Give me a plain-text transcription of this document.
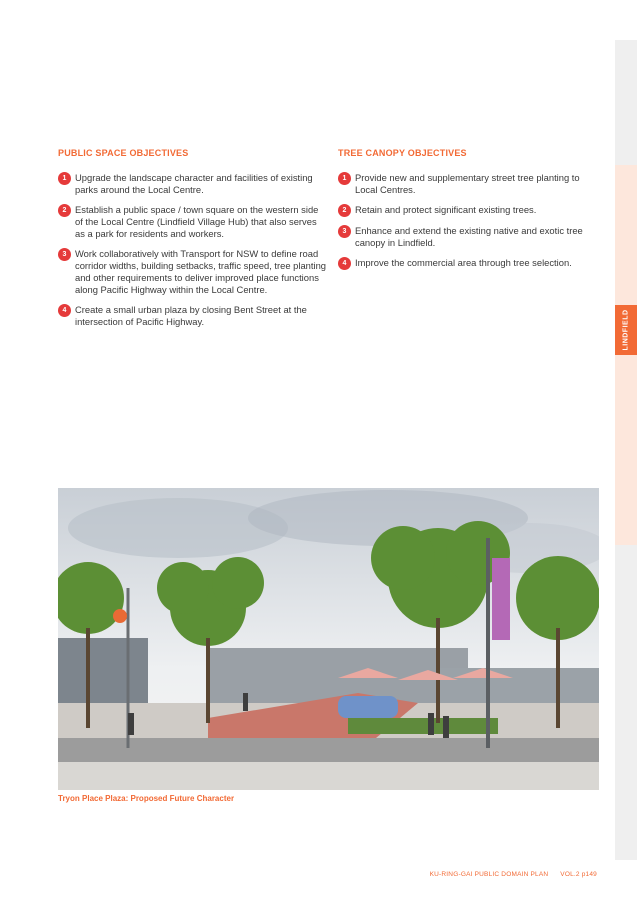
LINDFIELD
PUBLIC SPACE OBJECTIVES
1 Upgrade the landscape character and facilities of existing parks around the Local Centre.
2 Establish a public space / town square on the western side of the Local Centre (Lindfield Village Hub) that also serves as a park for residents and workers.
3 Work collaboratively with Transport for NSW to define road corridor widths, building setbacks, traffic speed, tree planting and other requirements to deliver improved place functions along Pacific Highway within the Local Centre.
4 Create a small urban plaza by closing Bent Street at the intersection of Pacific Highway.
TREE CANOPY OBJECTIVES
1 Provide new and supplementary street tree planting to Local Centres.
2 Retain and protect significant existing trees.
3 Enhance and extend the existing native and exotic tree canopy in Lindfield.
4 Improve the commercial area through tree selection.
Tryon Place Plaza: Proposed Future Character
KU-RING-GAI PUBLIC DOMAIN PLAN VOL.2 p149
